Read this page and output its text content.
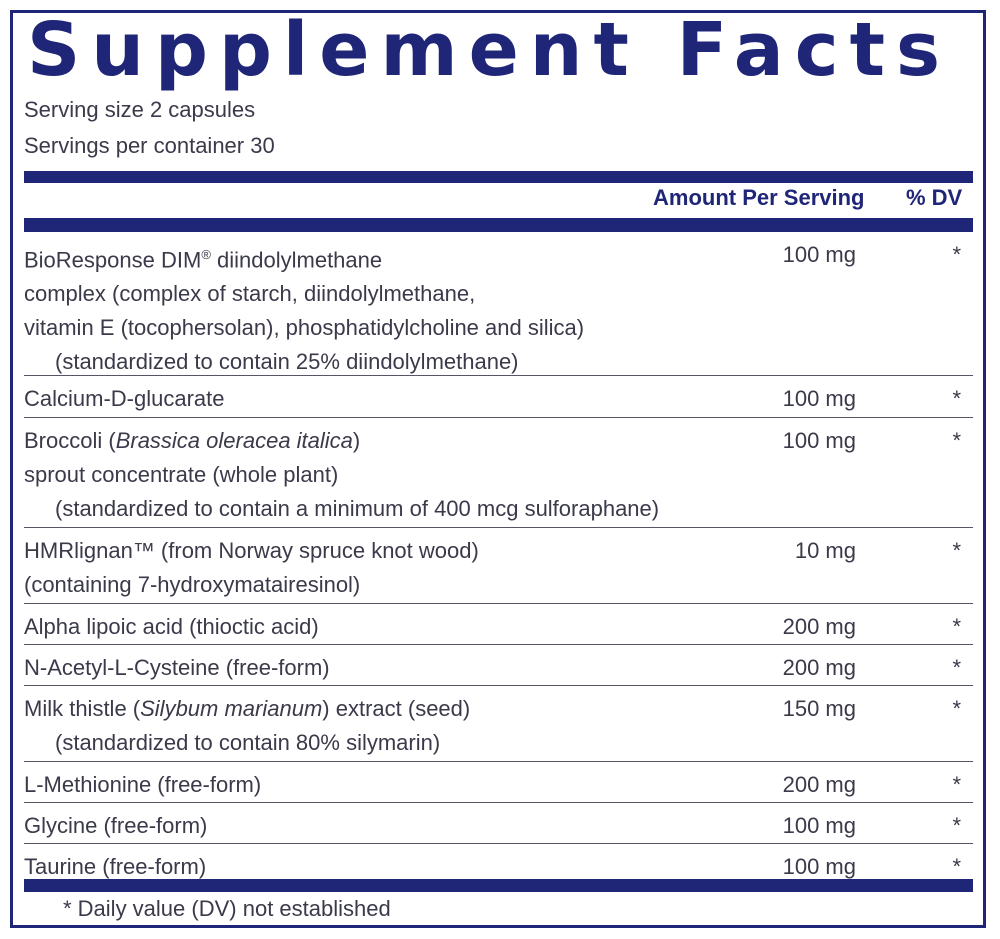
Supplement Facts
Serving size 2 capsules
Servings per container 30
Amount Per Serving % DV
BioResponse DIM® diindolylmethane
complex (complex of starch, diindolylmethane,
vitamin E (tocophersolan), phosphatidylcholine and silica)
(standardized to contain 25% diindolylmethane)
100 mg	*
Calcium-D-glucarate	100 mg	*
Broccoli (Brassica oleracea italica)
sprout concentrate (whole plant)
(standardized to contain a minimum of 400 mcg sulforaphane)
100 mg	*
HMRlignan™ (from Norway spruce knot wood)
(containing 7-hydroxymatairesinol)
10 mg	*
Alpha lipoic acid (thioctic acid)	200 mg	*
N-Acetyl-L-Cysteine (free-form)	200 mg	*
Milk thistle (Silybum marianum) extract (seed)
(standardized to contain 80% silymarin)
150 mg	*
L-Methionine (free-form)	200 mg	*
Glycine (free-form)	100 mg	*
Taurine (free-form)	100 mg	*
* Daily value (DV) not established
